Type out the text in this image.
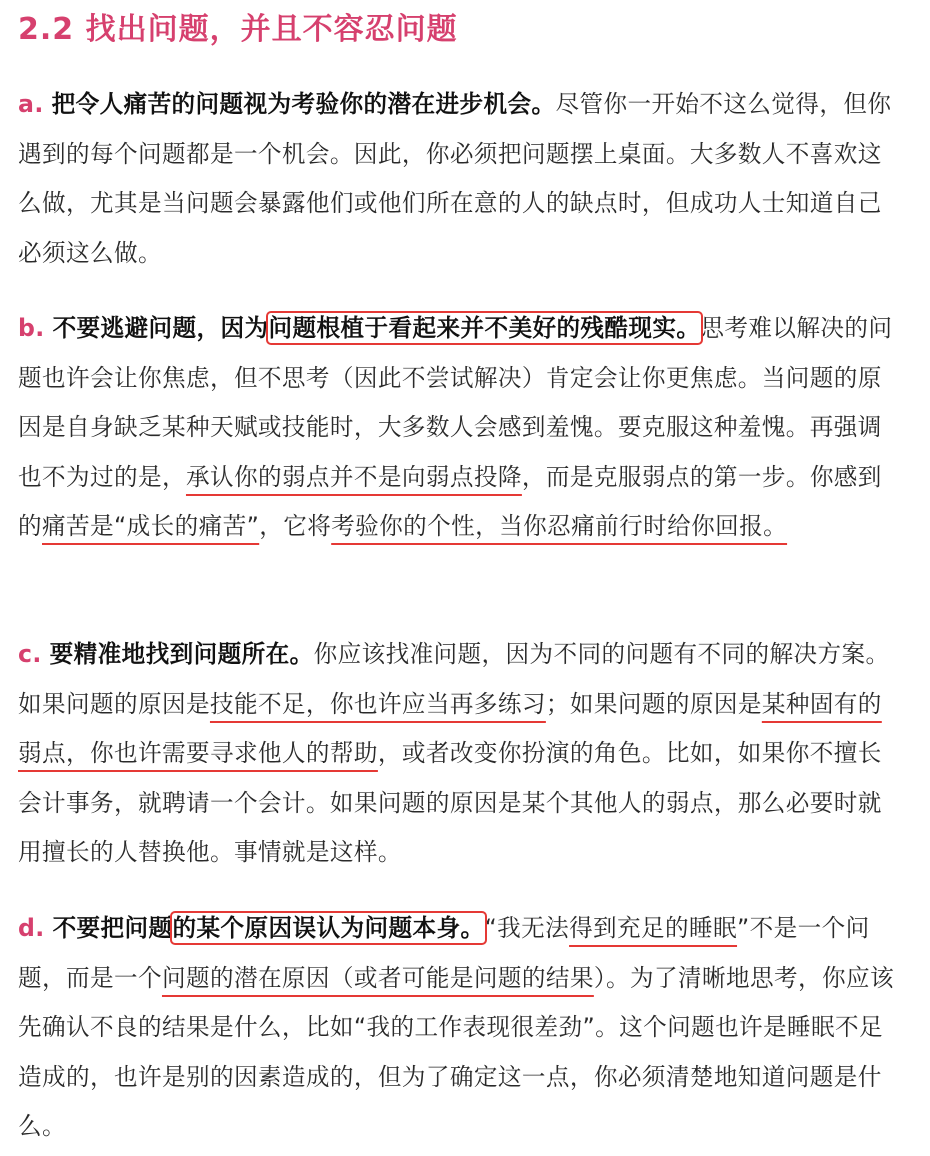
2.2 找出问题，并且不容忍问题

a. 把令人痛苦的问题视为考验你的潜在进步机会。尽管你一开始不这么觉得，但你遇到的每个问题都是一个机会。因此，你必须把问题摆上桌面。大多数人不喜欢这么做，尤其是当问题会暴露他们或他们所在意的人的缺点时，但成功人士知道自己必须这么做。

b. 不要逃避问题，因为问题根植于看起来并不美好的残酷现实。思考难以解决的问题也许会让你焦虑，但不思考（因此不尝试解决）肯定会让你更焦虑。当问题的原因是自身缺乏某种天赋或技能时，大多数人会感到羞愧。要克服这种羞愧。再强调也不为过的是，承认你的弱点并不是向弱点投降，而是克服弱点的第一步。你感到的痛苦是“成长的痛苦”，它将考验你的个性，当你忍痛前行时给你回报。

c. 要精准地找到问题所在。你应该找准问题，因为不同的问题有不同的解决方案。如果问题的原因是技能不足，你也许应当再多练习；如果问题的原因是某种固有的弱点，你也许需要寻求他人的帮助，或者改变你扮演的角色。比如，如果你不擅长会计事务，就聘请一个会计。如果问题的原因是某个其他人的弱点，那么必要时就用擅长的人替换他。事情就是这样。

d. 不要把问题的某个原因误认为问题本身。“我无法得到充足的睡眠”不是一个问题，而是一个问题的潜在原因（或者可能是问题的结果）。为了清晰地思考，你应该先确认不良的结果是什么，比如“我的工作表现很差劲”。这个问题也许是睡眠不足造成的，也许是别的因素造成的，但为了确定这一点，你必须清楚地知道问题是什么。
